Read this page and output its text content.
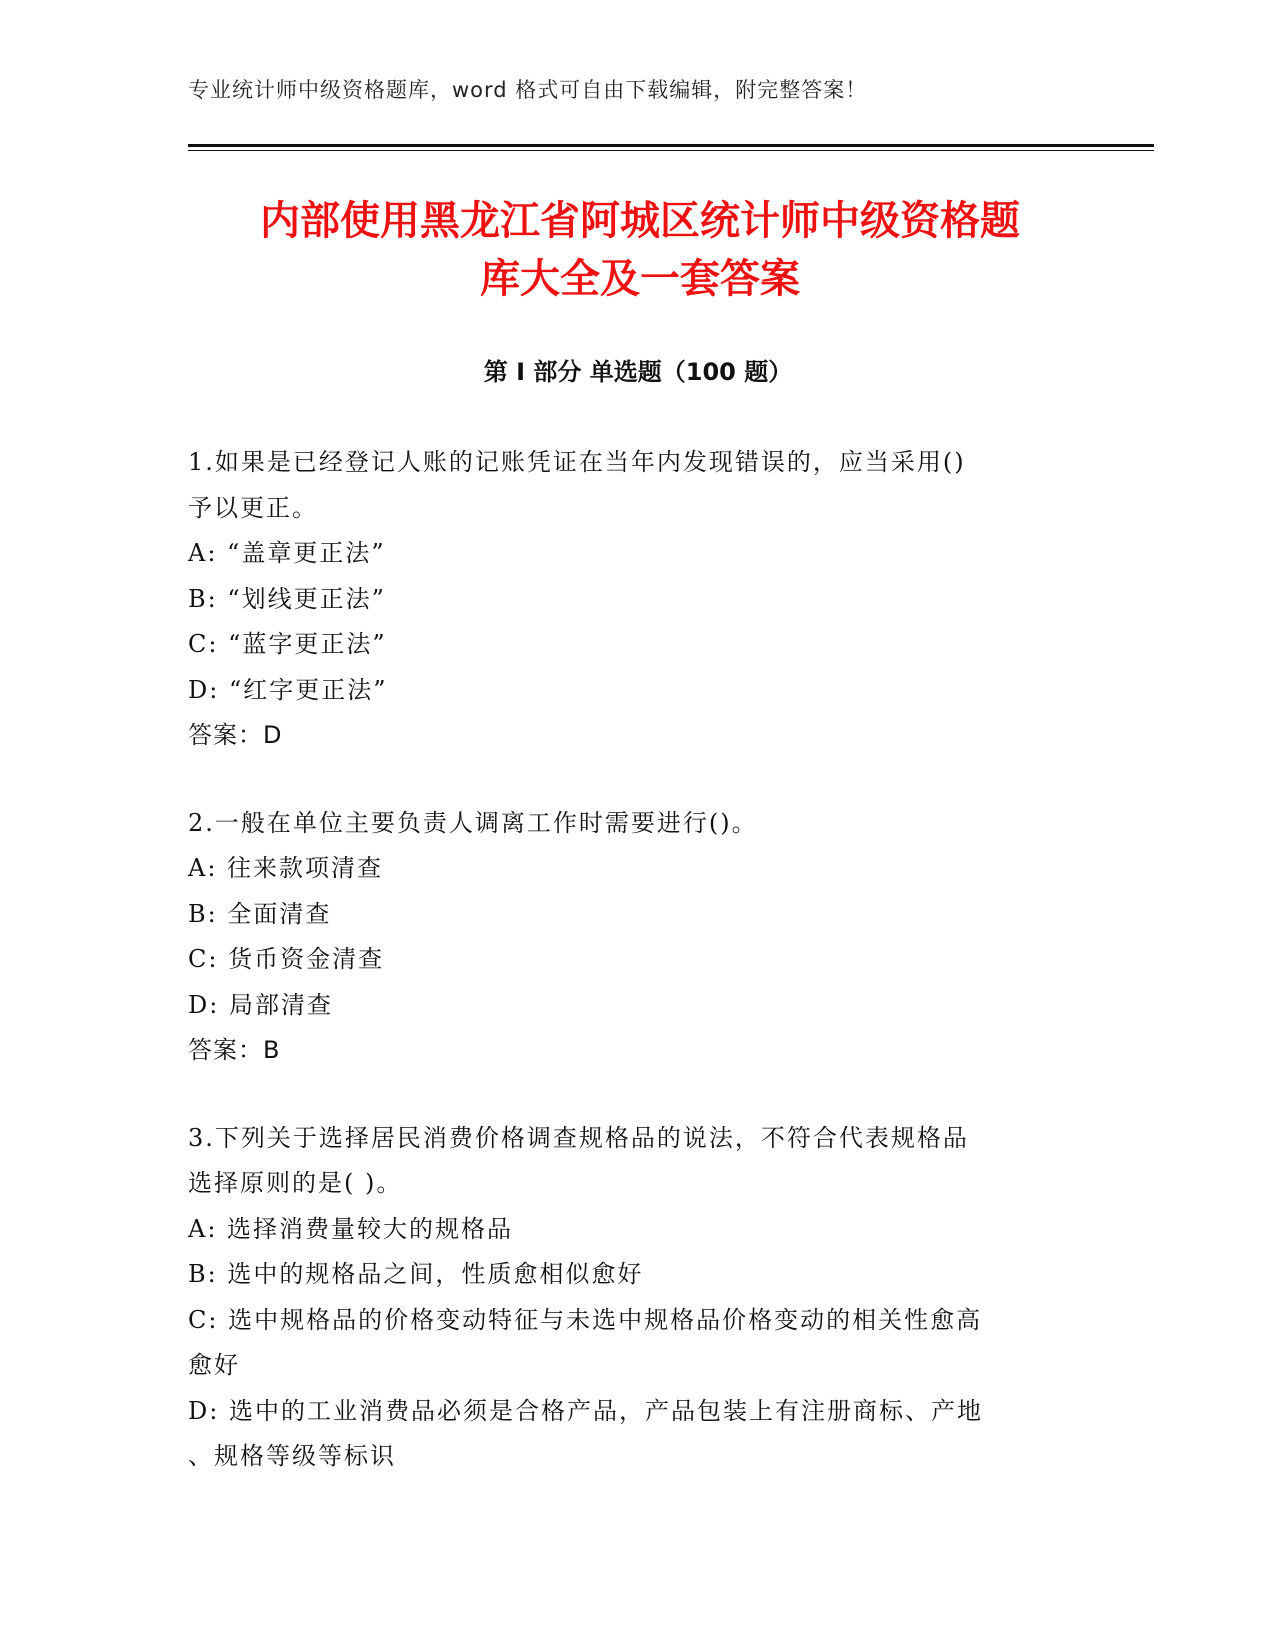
专业统计师中级资格题库，word 格式可自由下载编辑，附完整答案！
内部使用黑龙江省阿城区统计师中级资格题
库大全及一套答案
第 I 部分 单选题（100 题）
1.如果是已经登记人账的记账凭证在当年内发现错误的，应当采用()
予以更正。
A: “盖章更正法”
B: “划线更正法”
C: “蓝字更正法”
D: “红字更正法”
答案：D
2.一般在单位主要负责人调离工作时需要进行()。
A: 往来款项清查
B: 全面清查
C: 货币资金清查
D: 局部清查
答案：B
3.下列关于选择居民消费价格调查规格品的说法，不符合代表规格品
选择原则的是( )。
A: 选择消费量较大的规格品
B: 选中的规格品之间，性质愈相似愈好
C: 选中规格品的价格变动特征与未选中规格品价格变动的相关性愈高
愈好
D: 选中的工业消费品必须是合格产品，产品包装上有注册商标、产地
、规格等级等标识
